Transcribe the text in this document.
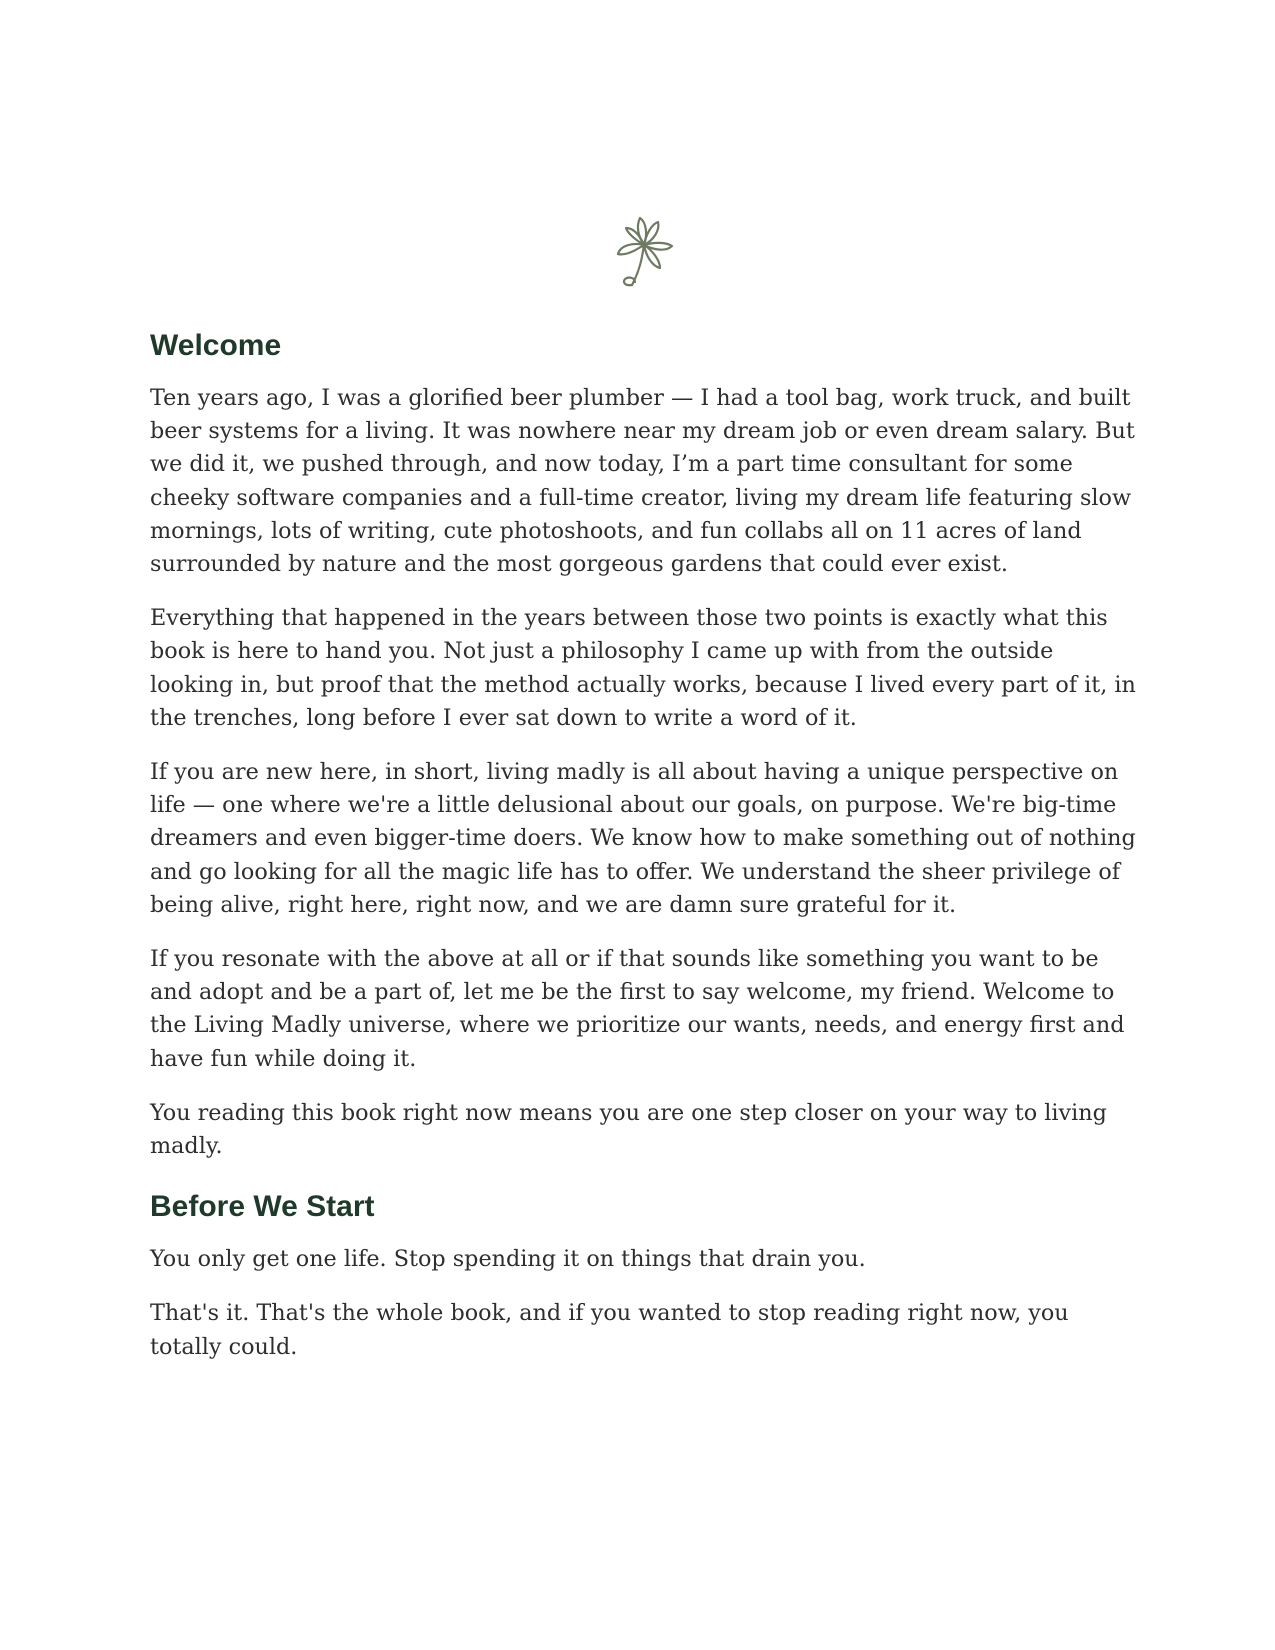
Welcome

Ten years ago, I was a glorified beer plumber — I had a tool bag, work truck, and built beer systems for a living. It was nowhere near my dream job or even dream salary. But we did it, we pushed through, and now today, I’m a part time consultant for some cheeky software companies and a full-time creator, living my dream life featuring slow mornings, lots of writing, cute photoshoots, and fun collabs all on 11 acres of land surrounded by nature and the most gorgeous gardens that could ever exist.

Everything that happened in the years between those two points is exactly what this book is here to hand you. Not just a philosophy I came up with from the outside looking in, but proof that the method actually works, because I lived every part of it, in the trenches, long before I ever sat down to write a word of it.

If you are new here, in short, living madly is all about having a unique perspective on life — one where we're a little delusional about our goals, on purpose. We're big-time dreamers and even bigger-time doers. We know how to make something out of nothing and go looking for all the magic life has to offer. We understand the sheer privilege of being alive, right here, right now, and we are damn sure grateful for it.

If you resonate with the above at all or if that sounds like something you want to be and adopt and be a part of, let me be the first to say welcome, my friend. Welcome to the Living Madly universe, where we prioritize our wants, needs, and energy first and have fun while doing it.

You reading this book right now means you are one step closer on your way to living madly.

Before We Start

You only get one life. Stop spending it on things that drain you.

That's it. That's the whole book, and if you wanted to stop reading right now, you totally could.
